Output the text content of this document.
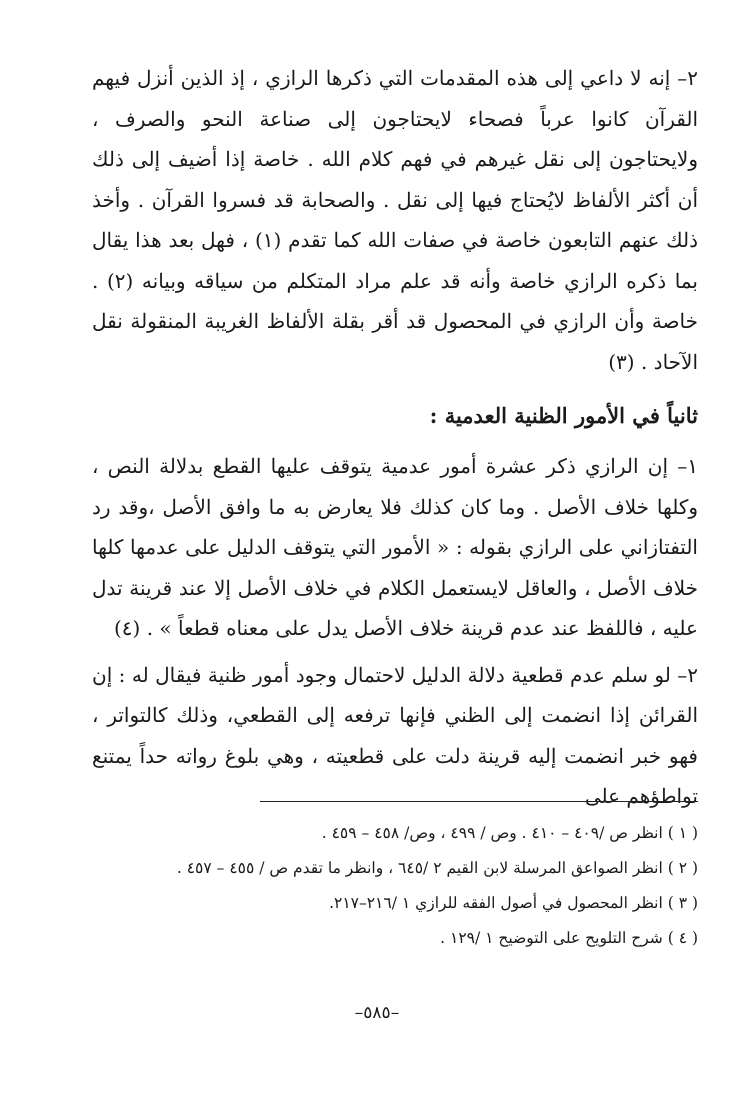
٢– إنه لا داعي إلى هذه المقدمات التي ذكرها الرازي ، إذ الذين أنزل فيهم القرآن كانوا عرباً فصحاء لايحتاجون إلى صناعة النحو والصرف ، ولايحتاجون إلى نقل غيرهم في فهم كلام الله . خاصة إذا أضيف إلى ذلك أن أكثر الألفاظ لايُحتاج فيها إلى نقل . والصحابة قد فسروا القرآن . وأخذ ذلك عنهم التابعون خاصة في صفات الله كما تقدم (١) ، فهل بعد هذا يقال بما ذكره الرازي خاصة وأنه قد علم مراد المتكلم من سياقه وبيانه (٢) . خاصة وأن الرازي في المحصول قد أقر بقلة الألفاظ الغريبة المنقولة نقل الآحاد . (٣)

ثانياً في الأمور الظنية العدمية :

١– إن الرازي ذكر عشرة أمور عدمية يتوقف عليها القطع بدلالة النص ، وكلها خلاف الأصل . وما كان كذلك فلا يعارض به ما وافق الأصل ،وقد رد التفتازاني على الرازي بقوله : « الأمور التي يتوقف الدليل على عدمها كلها خلاف الأصل ، والعاقل لايستعمل الكلام في خلاف الأصل إلا عند قرينة تدل عليه ، فاللفظ عند عدم قرينة خلاف الأصل يدل على معناه قطعاً » . (٤)

٢– لو سلم عدم قطعية دلالة الدليل لاحتمال وجود أمور ظنية فيقال له : إن القرائن إذا انضمت إلى الظني فإنها ترفعه إلى القطعي، وذلك كالتواتر ، فهو خبر انضمت إليه قرينة دلت على قطعيته ، وهي بلوغ رواته حداً يمتنع تواطؤهم على

( ١ ) انظر ص /٤٠٩ – ٤١٠ . وص / ٤٩٩ ، وص/ ٤٥٨ – ٤٥٩ .

( ٢ ) انظر الصواعق المرسلة لابن القيم ٢ /٦٤٥ ، وانظر ما تقدم ص / ٤٥٥ – ٤٥٧ .

( ٣ ) انظر المحصول في أصول الفقه للرازي ١ /٢١٦–٢١٧.

( ٤ ) شرح التلويح على التوضيح ١ /١٢٩ .

–٥٨٥–
